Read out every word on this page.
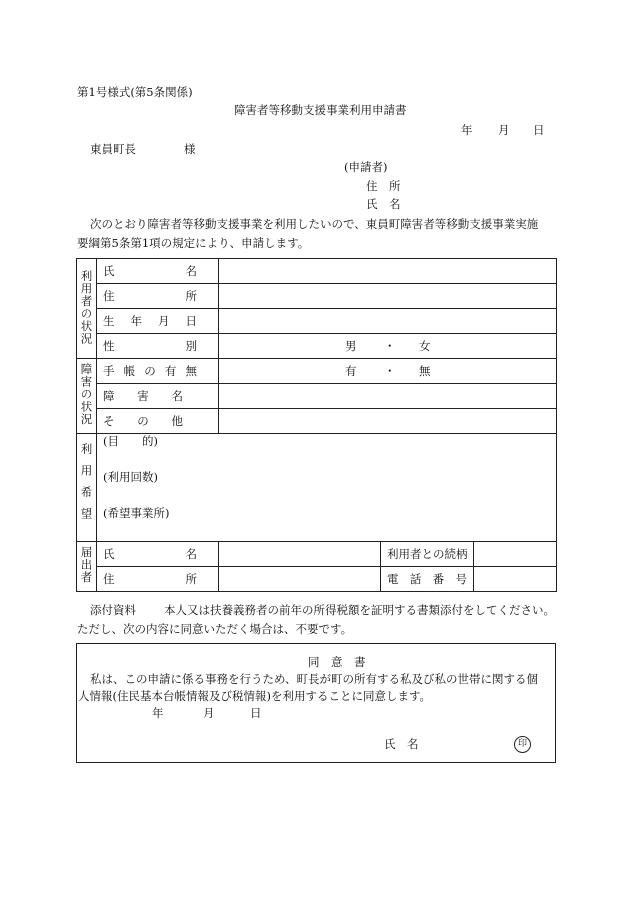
第1号様式(第5条関係)
障害者等移動支援事業利用申請書
年 月 日
東員町長	様
(申請者)
住　所
氏　名
次のとおり障害者等移動支援事業を利用したいので、東員町障害者等移動支援事業実施
要綱第5条第1項の規定により、申請します。
利用者の状況	氏 名			

	住 所			

	生 年 月 日			

	性 別	男 ・ 女		

障害の状況	手 帳 の 有 無	有 ・ 無		

	障 害 名			

	そ の 他			

利用希望	(目　　的)
(利用回数)
(希望事業所)			

届出者	氏 名		利用者との続柄	

	住 所		電 話 番 号	

添付資料 本人又は扶養義務者の前年の所得税額を証明する書類添付をしてください。
ただし、次の内容に同意いただく場合は、不要です。
同　意　書
私は、この申請に係る事務を行うため、町長が町の所有する私及び私の世帯に関する個
人情報(住民基本台帳情報及び税情報)を利用することに同意します。
年	月	日
氏　名	印
